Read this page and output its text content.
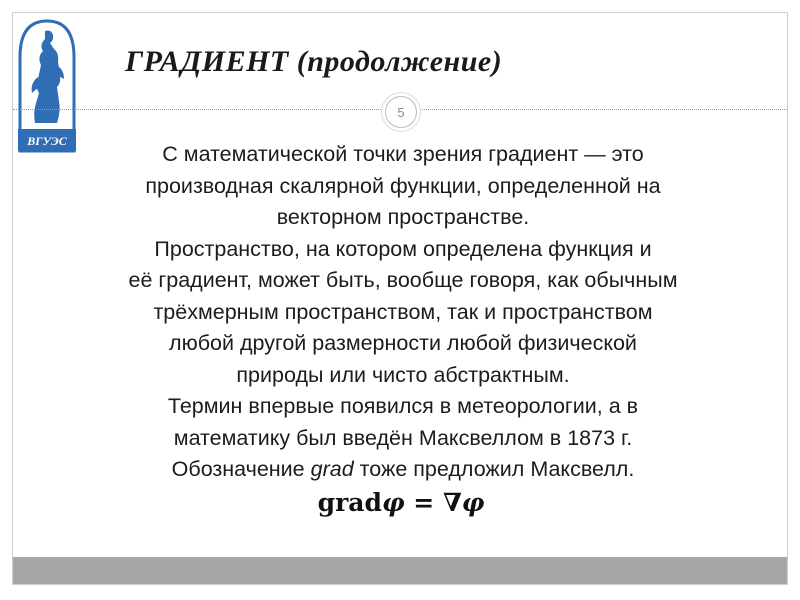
ВГУЭС
ГРАДИЕНТ (продолжение)
5

С математической точки зрения градиент — это
производная скалярной функции, определенной на
векторном пространстве.

Пространство, на котором определена функция и
её градиент, может быть, вообще говоря, как обычным
трёхмерным пространством, так и пространством
любой другой размерности любой физической
природы или чисто абстрактным.

Термин впервые появился в метеорологии, а в
математику был введён Максвеллом в 1873 г.
Обозначение grad тоже предложил Максвелл.

gradφ = ∇φ
